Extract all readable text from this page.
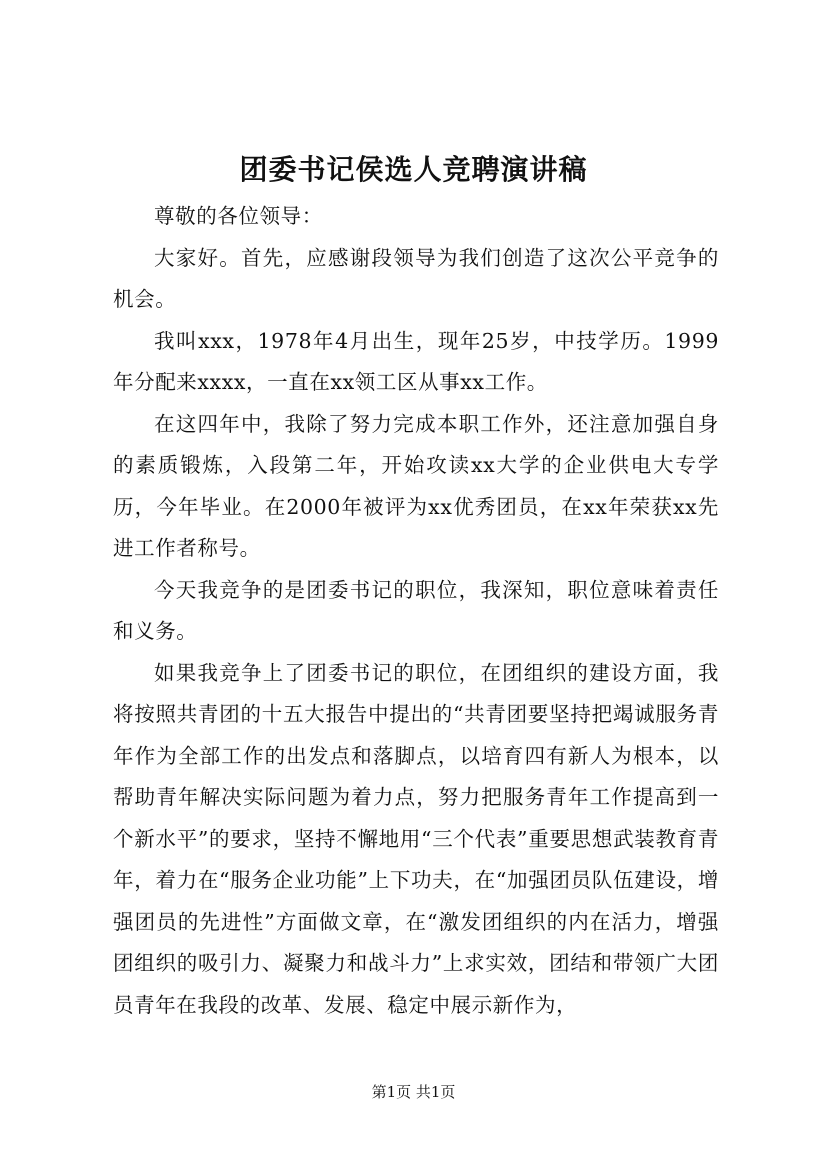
团委书记侯选人竞聘演讲稿

尊敬的各位领导：

大家好。首先，应感谢段领导为我们创造了这次公平竞争的机会。

我叫xxx，1978年4月出生，现年25岁，中技学历。1999年分配来xxxx，一直在xx领工区从事xx工作。

在这四年中，我除了努力完成本职工作外，还注意加强自身的素质锻炼，入段第二年，开始攻读xx大学的企业供电大专学历，今年毕业。在2000年被评为xx优秀团员，在xx年荣获xx先进工作者称号。

今天我竞争的是团委书记的职位，我深知，职位意味着责任和义务。

如果我竞争上了团委书记的职位，在团组织的建设方面，我将按照共青团的十五大报告中提出的“共青团要坚持把竭诚服务青年作为全部工作的出发点和落脚点，以培育四有新人为根本，以帮助青年解决实际问题为着力点，努力把服务青年工作提高到一个新水平”的要求，坚持不懈地用“三个代表”重要思想武装教育青年，着力在“服务企业功能”上下功夫，在“加强团员队伍建设，增强团员的先进性”方面做文章，在“激发团组织的内在活力，增强团组织的吸引力、凝聚力和战斗力”上求实效，团结和带领广大团员青年在我段的改革、发展、稳定中展示新作为，

第1页 共1页
